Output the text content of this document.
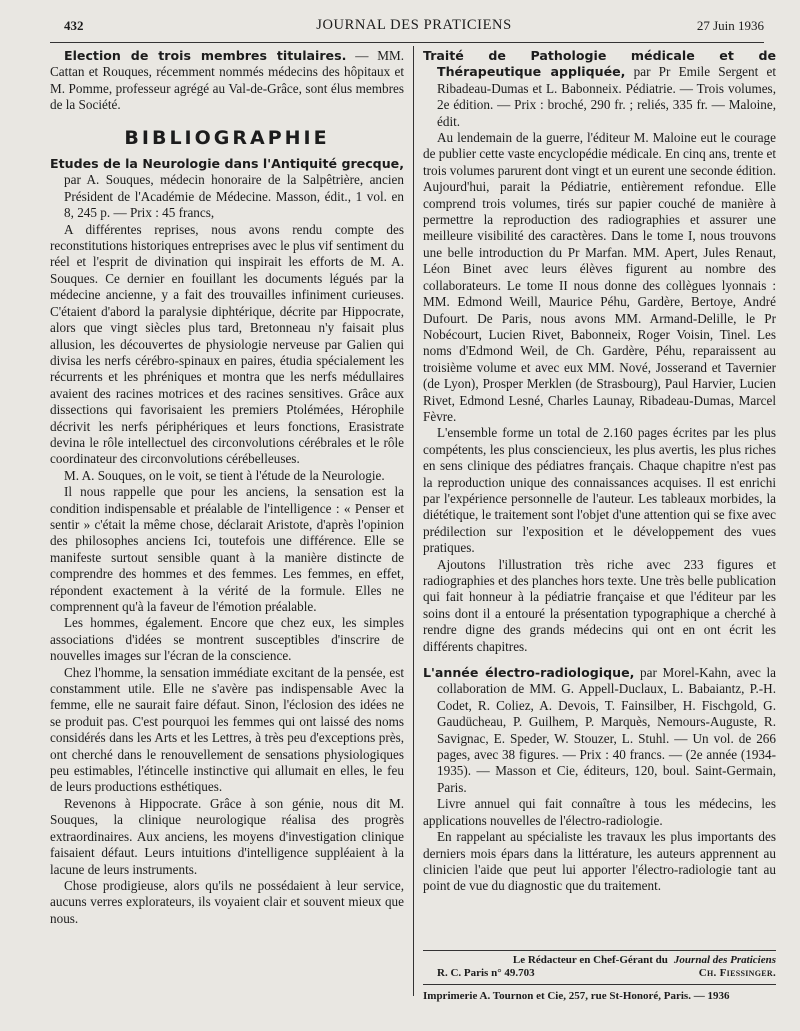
432	JOURNAL DES PRATICIENS	27 Juin 1936

Election de trois membres titulaires. — MM. Cattan et Rouques, récemment nommés médecins des hôpitaux et M. Pomme, professeur agrégé au Val-de-Grâce, sont élus membres de la Société.

BIBLIOGRAPHIE

Etudes de la Neurologie dans l'Antiquité grecque, par A. Souques, médecin honoraire de la Salpêtrière, ancien Président de l'Académie de Médecine. Masson, édit., 1 vol. en 8, 245 p. — Prix : 45 francs,

A différentes reprises, nous avons rendu compte des reconstitutions historiques entreprises avec le plus vif sentiment du réel et l'esprit de divination qui inspirait les efforts de M. A. Souques. Ce dernier en fouillant les documents légués par la médecine ancienne, y a fait des trouvailles infiniment curieuses. C'étaient d'abord la paralysie diphtérique, décrite par Hippocrate, alors que vingt siècles plus tard, Bretonneau n'y faisait plus allusion, les découvertes de physiologie nerveuse par Galien qui divisa les nerfs cérébro-spinaux en paires, étudia spécialement les récurrents et les phréniques et montra que les nerfs médullaires avaient des racines motrices et des racines sensitives. Grâce aux dissections qui favorisaient les premiers Ptolémées, Hérophile décrivit les nerfs périphériques et leurs fonctions, Erasistrate devina le rôle intellectuel des circonvolutions cérébrales et le rôle coordinateur des circonvolutions cérébelleuses.

M. A. Souques, on le voit, se tient à l'étude de la Neurologie.

Il nous rappelle que pour les anciens, la sensation est la condition indispensable et préalable de l'intelligence : « Penser et sentir » c'était la même chose, déclarait Aristote, d'après l'opinion des philosophes anciens Ici, toutefois une différence. Elle se manifeste surtout sensible quant à la manière distincte de comprendre des hommes et des femmes. Les femmes, en effet, répondent exactement à la vérité de la formule. Elles ne comprennent qu'à la faveur de l'émotion préalable.

Les hommes, également. Encore que chez eux, les simples associations d'idées se montrent susceptibles d'inscrire de nouvelles images sur l'écran de la conscience.

Chez l'homme, la sensation immédiate excitant de la pensée, est constamment utile. Elle ne s'avère pas indispensable Avec la femme, elle ne saurait faire défaut. Sinon, l'éclosion des idées ne se produit pas. C'est pourquoi les femmes qui ont laissé des noms considérés dans les Arts et les Lettres, à très peu d'exceptions près, ont cherché dans le renouvellement de sensations physiologiques peu estimables, l'étincelle instinctive qui allumait en elles, le feu de leurs productions esthétiques.

Revenons à Hippocrate. Grâce à son génie, nous dit M. Souques, la clinique neurologique réalisa des progrès extraordinaires. Aux anciens, les moyens d'investigation clinique faisaient défaut. Leurs intuitions d'intelligence suppléaient à la lacune de leurs instruments.

Chose prodigieuse, alors qu'ils ne possédaient à leur service, aucuns verres explorateurs, ils voyaient clair et souvent mieux que nous.

Traité de Pathologie médicale et de Thérapeutique appliquée, par Pr Emile Sergent et Ribadeau-Dumas et L. Babonneix. Pédiatrie. — Trois volumes, 2e édition. — Prix : broché, 290 fr. ; reliés, 335 fr. — Maloine, édit.

Au lendemain de la guerre, l'éditeur M. Maloine eut le courage de publier cette vaste encyclopédie médicale. En cinq ans, trente et trois volumes parurent dont vingt et un eurent une seconde édition. Aujourd'hui, parait la Pédiatrie, entièrement refondue. Elle comprend trois volumes, tirés sur papier couché de manière à permettre la reproduction des radiographies et assurer une meilleure visibilité des caractères. Dans le tome I, nous trouvons une belle introduction du Pr Marfan. MM. Apert, Jules Renaut, Léon Binet avec leurs élèves figurent au nombre des collaborateurs. Le tome II nous donne des collègues lyonnais : MM. Edmond Weill, Maurice Péhu, Gardère, Bertoye, André Dufourt. De Paris, nous avons MM. Armand-Delille, le Pr Nobécourt, Lucien Rivet, Babonneix, Roger Voisin, Tinel. Les noms d'Edmond Weil, de Ch. Gardère, Péhu, reparaissent au troisième volume et avec eux MM. Nové, Josserand et Tavernier (de Lyon), Prosper Merklen (de Strasbourg), Paul Harvier, Lucien Rivet, Edmond Lesné, Charles Launay, Ribadeau-Dumas, Marcel Fèvre.

L'ensemble forme un total de 2.160 pages écrites par les plus compétents, les plus consciencieux, les plus avertis, les plus riches en sens clinique des pédiatres français. Chaque chapitre n'est pas la reproduction unique des connaissances acquises. Il est enrichi par l'expérience personnelle de l'auteur. Les tableaux morbides, la diététique, le traitement sont l'objet d'une attention qui se fixe avec prédilection sur l'exposition et le développement des vues pratiques.

Ajoutons l'illustration très riche avec 233 figures et radiographies et des planches hors texte. Une très belle publication qui fait honneur à la pédiatrie française et que l'éditeur par les soins dont il a entouré la présentation typographique a cherché à rendre digne des grands médecins qui ont en ont écrit les différents chapitres.

L'année électro-radiologique, par Morel-Kahn, avec la collaboration de MM. G. Appell-Duclaux, L. Babaiantz, P.-H. Codet, R. Coliez, A. Devois, T. Fainsilber, H. Fischgold, G. Gaudücheau, P. Guilhem, P. Marquès, Nemours-Auguste, R. Savignac, E. Speder, W. Stouzer, L. Stuhl. — Un vol. de 266 pages, avec 38 figures. — Prix : 40 francs. — (2e année (1934-1935). — Masson et Cie, éditeurs, 120, boul. Saint-Germain, Paris.

Livre annuel qui fait connaître à tous les médecins, les applications nouvelles de l'électro-radiologie.

En rappelant au spécialiste les travaux les plus importants des derniers mois épars dans la littérature, les auteurs apprennent au clinicien l'aide que peut lui apporter l'électro-radiologie tant au point de vue du diagnostic que du traitement.

Le Rédacteur en Chef-Gérant du Journal des Praticiens
R. C. Paris n° 49.703	Ch. Fiessinger.
Imprimerie A. Tournon et Cie, 257, rue St-Honoré, Paris. — 1936
